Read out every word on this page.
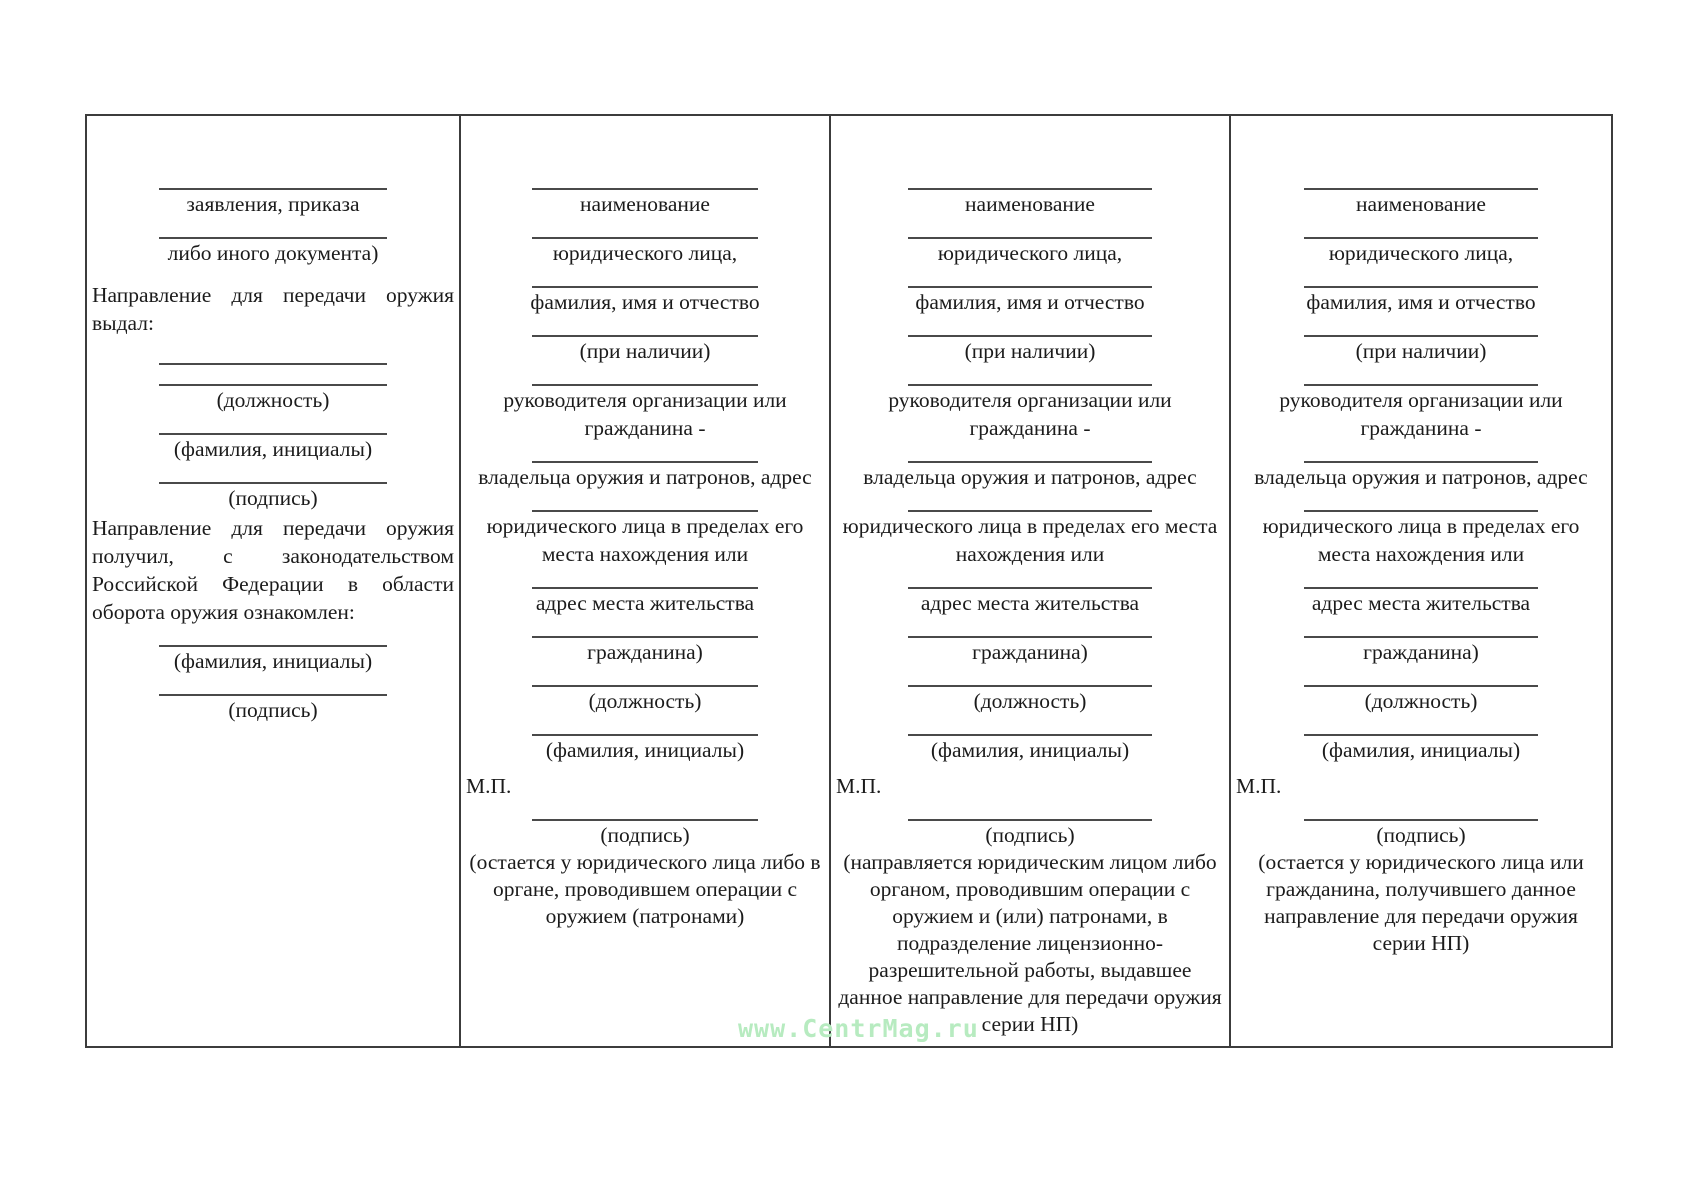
заявления, приказа
либо иного документа)
Направление для передачи оружия выдал:
(должность)
(фамилия, инициалы)
(подпись)
Направление для передачи оружия получил, с законодательством Российской Федерации в области оборота оружия ознакомлен:
(фамилия, инициалы)
(подпись)
наименование
юридического лица,
фамилия, имя и отчество
(при наличии)
руководителя организации или гражданина -
владельца оружия и патронов, адрес
юридического лица в пределах его места нахождения или
адрес места жительства
гражданина)
(должность)
(фамилия, инициалы)
М.П.
(подпись)
(остается у юридического лица либо в органе, проводившем операции с оружием (патронами)
наименование
юридического лица,
фамилия, имя и отчество
(при наличии)
руководителя организации или гражданина -
владельца оружия и патронов, адрес
юридического лица в пределах его места нахождения или
адрес места жительства
гражданина)
(должность)
(фамилия, инициалы)
М.П.
(подпись)
(направляется юридическим лицом либо органом, проводившим операции с оружием и (или) патронами, в подразделение лицензионно-разрешительной работы, выдавшее данное направление для передачи оружия серии НП)
наименование
юридического лица,
фамилия, имя и отчество
(при наличии)
руководителя организации или гражданина -
владельца оружия и патронов, адрес
юридического лица в пределах его места нахождения или
адрес места жительства
гражданина)
(должность)
(фамилия, инициалы)
М.П.
(подпись)
(остается у юридического лица или гражданина, получившего данное направление для передачи оружия серии НП)
www.CentrMag.ru
